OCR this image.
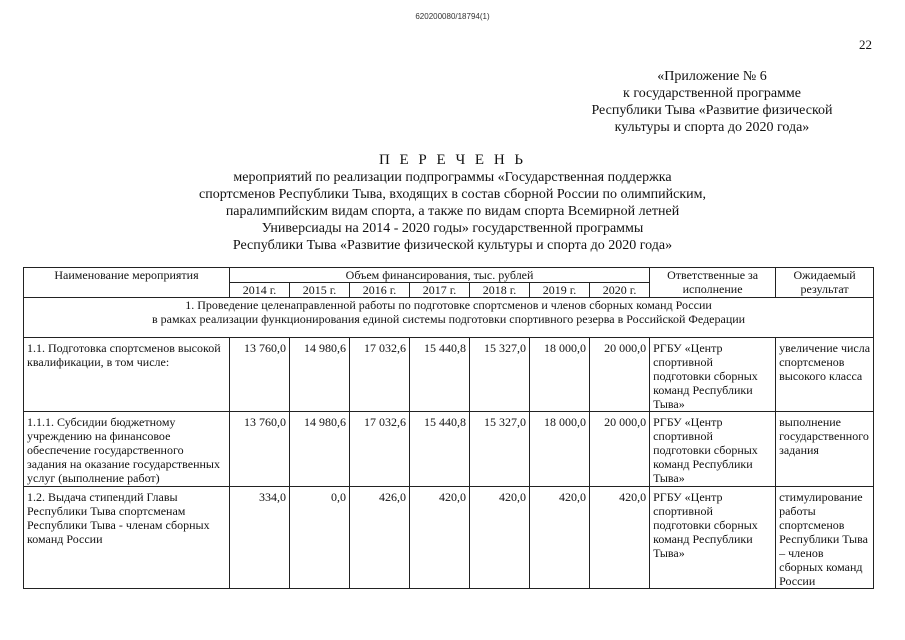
620200080/18794(1)
22
«Приложение № 6
к государственной программе
Республики Тыва «Развитие физической
культуры и спорта до 2020 года»
П Е Р Е Ч Е Н Ь
мероприятий по реализации подпрограммы «Государственная поддержка
спортсменов Республики Тыва, входящих в состав сборной России по олимпийским,
паралимпийским видам спорта, а также по видам спорта Всемирной летней
Универсиады на 2014 - 2020 годы» государственной программы
Республики Тыва «Развитие физической культуры и спорта до 2020 года»
Наименование мероприятия	Объем финансирования, тыс. рублей							Ответственные за исполнение	Ожидаемый результат
	2014 г.	2015 г.	2016 г.	2017 г.	2018 г.	2019 г.	2020 г.		

1. Проведение целенаправленной работы по подготовке спортсменов и членов сборных команд России
в рамках реализации функционирования единой системы подготовки спортивного резерва в Российской Федерации									

1.1. Подготовка спортсменов высокой квалификации, в том числе:	13 760,0	14 980,6	17 032,6	15 440,8	15 327,0	18 000,0	20 000,0	РГБУ «Центр спортивной подготовки сборных команд Республики Тыва»	увеличение числа спортсменов высокого класса
1.1.1. Субсидии бюджетному учреждению на финансовое обеспечение государственного задания на оказание государственных услуг (выполнение работ)	13 760,0	14 980,6	17 032,6	15 440,8	15 327,0	18 000,0	20 000,0	РГБУ «Центр спортивной подготовки сборных команд Республики Тыва»	выполнение государственного задания
1.2. Выдача стипендий Главы Республики Тыва спортсменам Республики Тыва - членам сборных команд России	334,0	0,0	426,0	420,0	420,0	420,0	420,0	РГБУ «Центр спортивной подготовки сборных команд Республики Тыва»	стимулирование работы спортсменов Республики Тыва – членов сборных команд России
